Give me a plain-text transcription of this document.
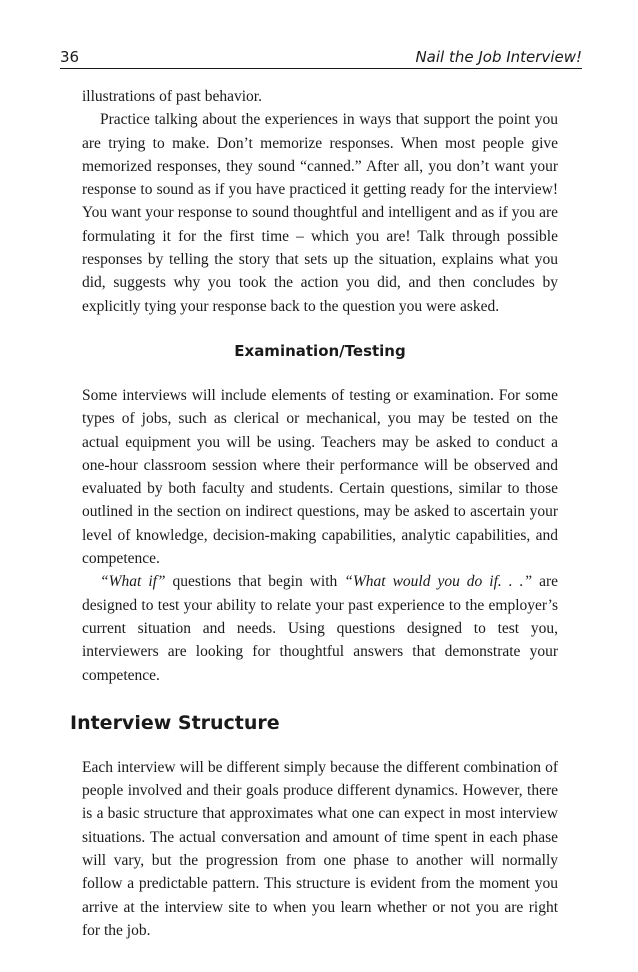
36	Nail the Job Interview!

illustrations of past behavior.

Practice talking about the experiences in ways that support the point you are trying to make. Don’t memorize responses. When most people give memorized responses, they sound “canned.” After all, you don’t want your response to sound as if you have practiced it getting ready for the interview! You want your response to sound thoughtful and intelligent and as if you are formulating it for the first time – which you are! Talk through possible responses by telling the story that sets up the situation, explains what you did, suggests why you took the action you did, and then concludes by explicitly tying your response back to the question you were asked.

Examination/Testing

Some interviews will include elements of testing or examination. For some types of jobs, such as clerical or mechanical, you may be tested on the actual equipment you will be using. Teachers may be asked to conduct a one-hour classroom session where their performance will be observed and evaluated by both faculty and students. Certain questions, similar to those outlined in the section on indirect questions, may be asked to ascertain your level of knowledge, decision-making capabilities, analytic capabilities, and competence.

“What if” questions that begin with “What would you do if. . .” are designed to test your ability to relate your past experience to the employer’s current situation and needs. Using questions designed to test you, interviewers are looking for thoughtful answers that demonstrate your competence.

Interview Structure

Each interview will be different simply because the different combination of people involved and their goals produce different dynamics. However, there is a basic structure that approximates what one can expect in most interview situations. The actual conversation and amount of time spent in each phase will vary, but the progression from one phase to another will normally follow a predictable pattern. This structure is evident from the moment you arrive at the interview site to when you learn whether or not you are right for the job.
